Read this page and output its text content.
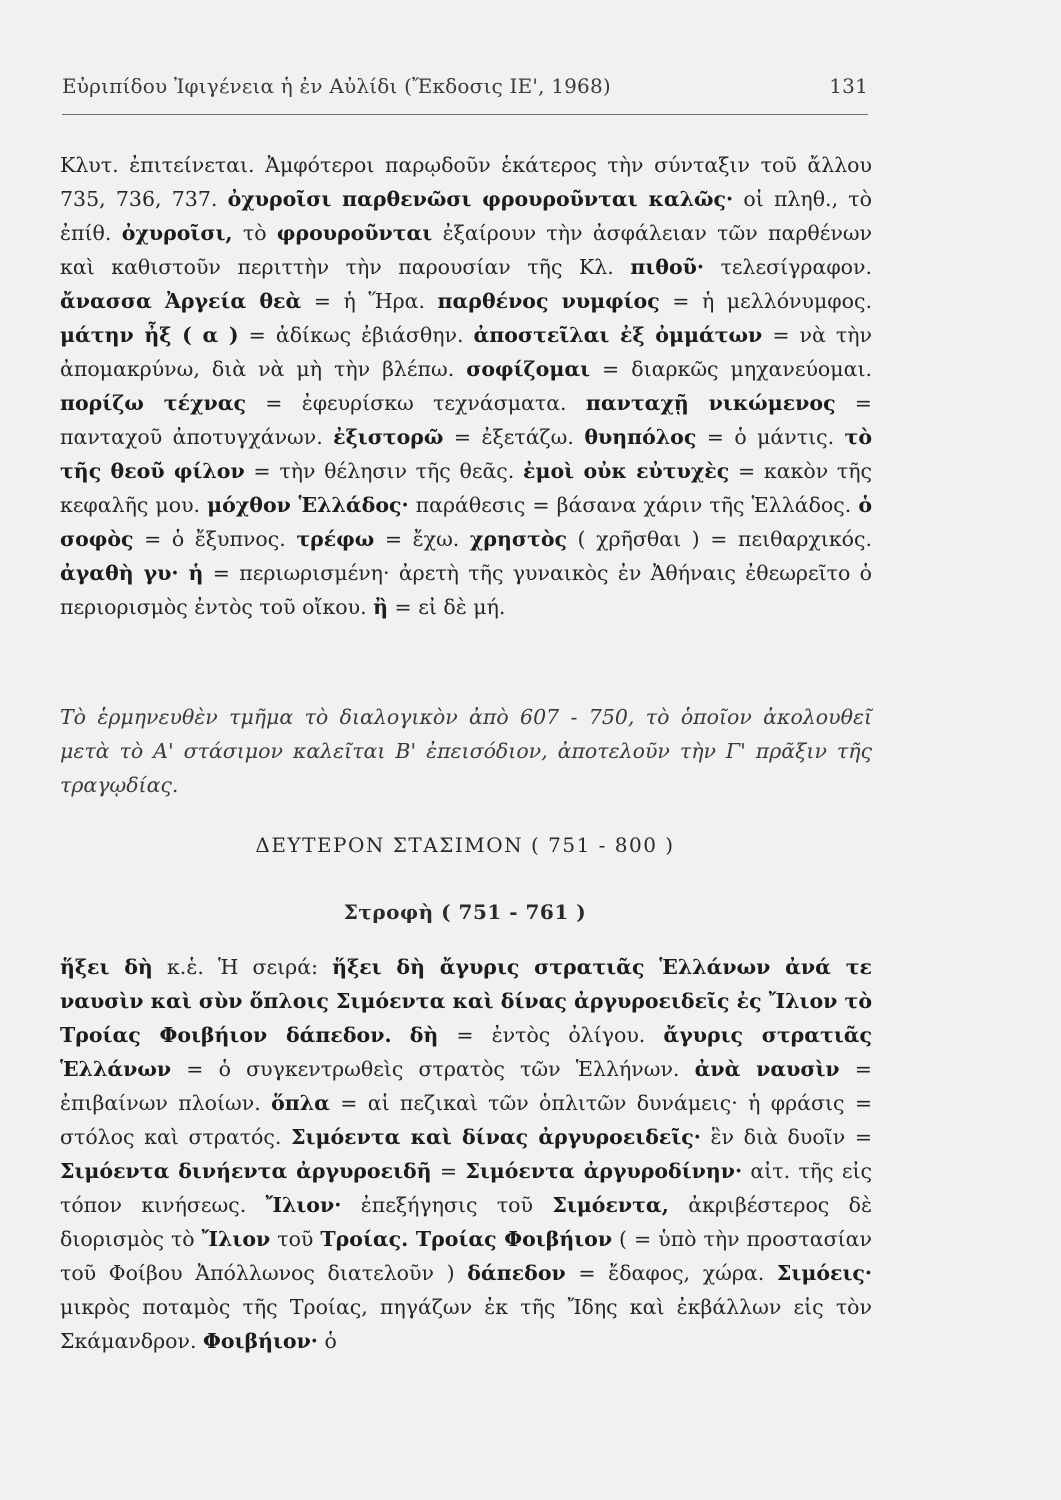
Εὐριπίδου Ἰφιγένεια ἡ ἐν Αὐλίδι (Ἔκδοσις ΙΕ', 1968)	131
Κλυτ. ἐπιτείνεται. Ἀμφότεροι παρῳδοῦν ἑκάτερος τὴν σύνταξιν τοῦ ἄλλου 735, 736, 737. ὀχυροῖσι παρθενῶσι φρουροῦνται καλῶς· οἱ πληθ., τὸ ἐπίθ. ὀχυροῖσι, τὸ φρουροῦνται ἐξαίρουν τὴν ἀσφάλειαν τῶν παρθένων καὶ καθιστοῦν περιττὴν τὴν παρουσίαν τῆς Κλ. πιθοῦ· τελεσίγραφον. ἄνασσα Ἀργεία θεὰ = ἡ Ἥρα. παρθένος νυμφίος = ἡ μελλόνυμφος. μάτην ἦξ ( α ) = ἀδίκως ἐβιάσθην. ἀποστεῖλαι ἐξ ὀμμάτων = νὰ τὴν ἀπομακρύνω, διὰ νὰ μὴ τὴν βλέπω. σοφίζομαι = διαρκῶς μηχανεύομαι. πορίζω τέχνας = ἐφευρίσκω τεχνάσματα. πανταχῇ νικώμενος = πανταχοῦ ἀποτυγχάνων. ἐξιστορῶ = ἐξετάζω. θυηπόλος = ὁ μάντις. τὸ τῆς θεοῦ φίλον = τὴν θέλησιν τῆς θεᾶς. ἐμοὶ οὐκ εὐτυχὲς = κακὸν τῆς κεφαλῆς μου. μόχθον Ἑλλάδος· παράθεσις = βάσανα χάριν τῆς Ἑλλάδος. ὁ σοφὸς = ὁ ἔξυπνος. τρέφω = ἔχω. χρηστὸς ( χρῆσθαι ) = πειθαρχικός. ἀγαθὴ γυ· ἡ = περιωρισμένη· ἀρετὴ τῆς γυναικὸς ἐν Ἀθήναις ἐθεωρεῖτο ὁ περιορισμὸς ἐντὸς τοῦ οἴκου. ἢ = εἰ δὲ μή.
Τὸ ἑρμηνευθὲν τμῆμα τὸ διαλογικὸν ἀπὸ 607 - 750, τὸ ὁποῖον ἀκολουθεῖ μετὰ τὸ Α' στάσιμον καλεῖται Β' ἐπεισόδιον, ἀποτελοῦν τὴν Γ' πρᾶξιν τῆς τραγῳδίας.
ΔΕΥΤΕΡΟΝ ΣΤΑΣΙΜΟΝ ( 751 - 800 )
Στροφὴ ( 751 - 761 )
ἥξει δὴ κ.ἑ. Ἡ σειρά: ἥξει δὴ ἄγυρις στρατιᾶς Ἑλλάνων ἀνά τε ναυσὶν καὶ σὺν ὅπλοις Σιμόεντα καὶ δίνας ἀργυροειδεῖς ἐς Ἴλιον τὸ Τροίας Φοιβήιον δάπεδον. δὴ = ἐντὸς ὀλίγου. ἄγυρις στρατιᾶς Ἑλλάνων = ὁ συγκεντρωθεὶς στρατὸς τῶν Ἑλλήνων. ἀνὰ ναυσὶν = ἐπιβαίνων πλοίων. ὅπλα = αἱ πεζικαὶ τῶν ὁπλιτῶν δυνάμεις· ἡ φράσις = στόλος καὶ στρατός. Σιμόεντα καὶ δίνας ἀργυροειδεῖς· ἓν διὰ δυοῖν = Σιμόεντα δινήεντα ἀργυροειδῆ = Σιμόεντα ἀργυροδίνην· αἰτ. τῆς εἰς τόπον κινήσεως. Ἴλιον· ἐπεξήγησις τοῦ Σιμόεντα, ἀκριβέστερος δὲ διορισμὸς τὸ Ἴλιον τοῦ Τροίας. Τροίας Φοιβήιον ( = ὑπὸ τὴν προστασίαν τοῦ Φοίβου Ἀπόλλωνος διατελοῦν ) δάπεδον = ἔδαφος, χώρα. Σιμόεις· μικρὸς ποταμὸς τῆς Τροίας, πηγάζων ἐκ τῆς Ἴδης καὶ ἐκβάλλων εἰς τὸν Σκάμανδρον. Φοιβήιον· ὁ
